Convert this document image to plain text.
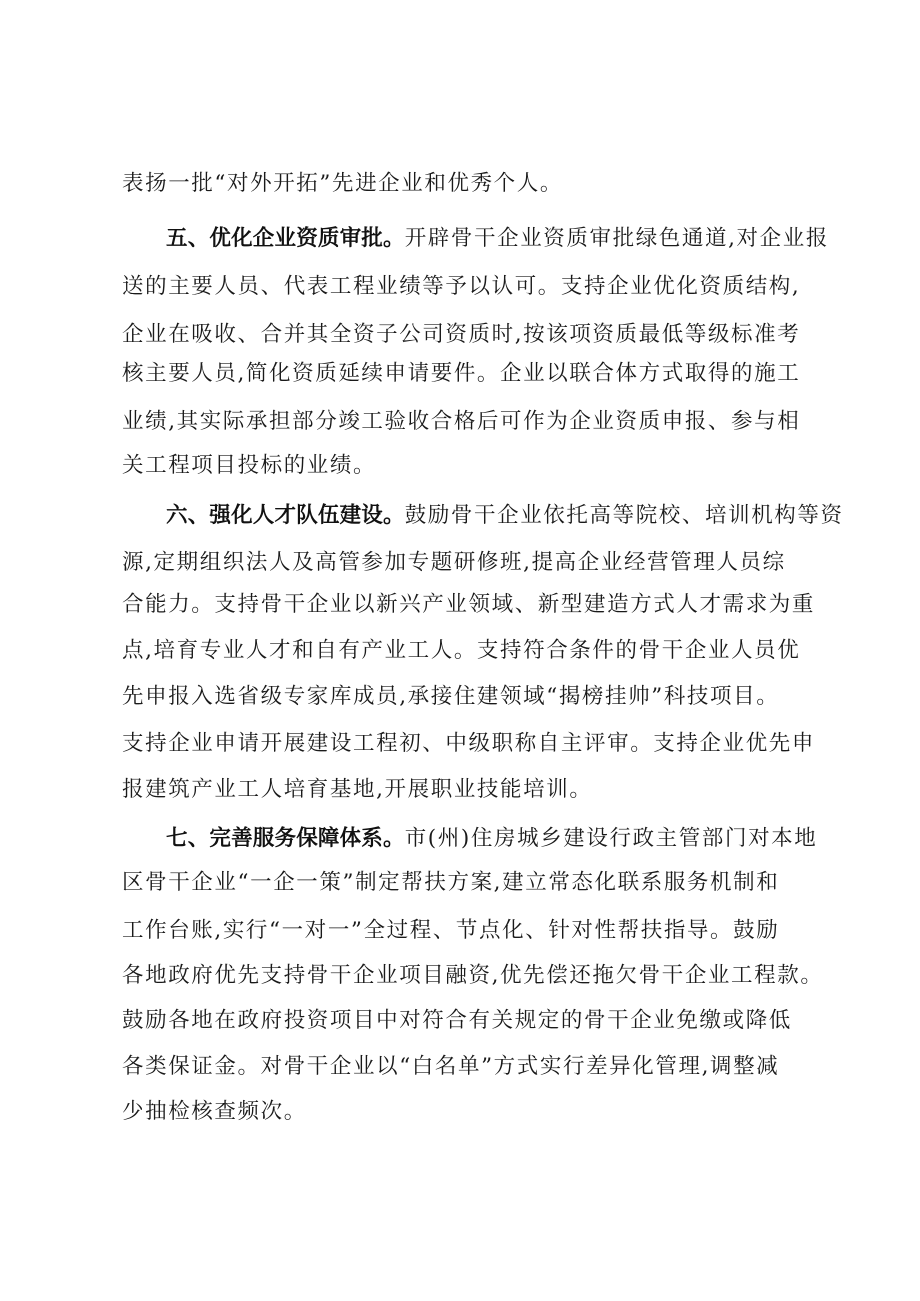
表扬一批“对外开拓”先进企业和优秀个人。
五、优化企业资质审批。开辟骨干企业资质审批绿色通道,对企业报
送的主要人员、代表工程业绩等予以认可。支持企业优化资质结构,
企业在吸收、合并其全资子公司资质时,按该项资质最低等级标准考
核主要人员,简化资质延续申请要件。企业以联合体方式取得的施工
业绩,其实际承担部分竣工验收合格后可作为企业资质申报、参与相
关工程项目投标的业绩。
六、强化人才队伍建设。鼓励骨干企业依托高等院校、培训机构等资
源,定期组织法人及高管参加专题研修班,提高企业经营管理人员综
合能力。支持骨干企业以新兴产业领域、新型建造方式人才需求为重
点,培育专业人才和自有产业工人。支持符合条件的骨干企业人员优
先申报入选省级专家库成员,承接住建领域“揭榜挂帅”科技项目。
支持企业申请开展建设工程初、中级职称自主评审。支持企业优先申
报建筑产业工人培育基地,开展职业技能培训。
七、完善服务保障体系。市(州)住房城乡建设行政主管部门对本地
区骨干企业“一企一策”制定帮扶方案,建立常态化联系服务机制和
工作台账,实行“一对一”全过程、节点化、针对性帮扶指导。鼓励
各地政府优先支持骨干企业项目融资,优先偿还拖欠骨干企业工程款。
鼓励各地在政府投资项目中对符合有关规定的骨干企业免缴或降低
各类保证金。对骨干企业以“白名单”方式实行差异化管理,调整减
少抽检核查频次。
